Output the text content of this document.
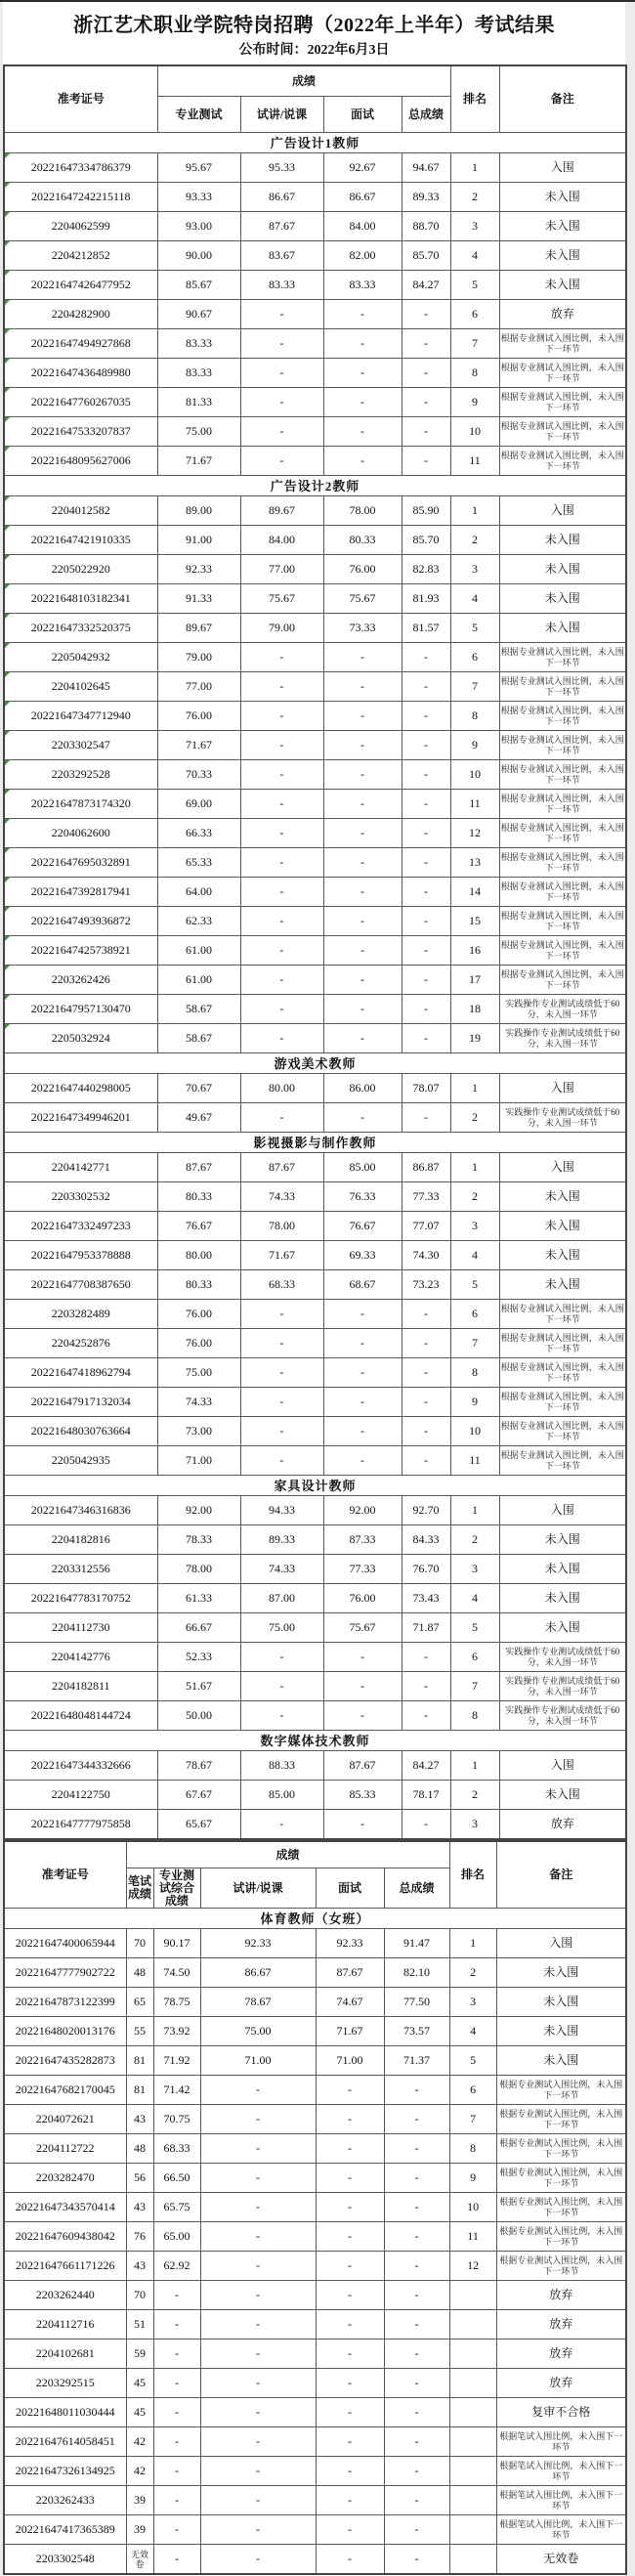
浙江艺术职业学院特岗招聘（2022年上半年）考试结果
公布时间：2022年6月3日
准考证号	成绩				排名	备注
	专业测试	试讲/说课	面试	总成绩		
广告设计1教师						
20221647334786379	95.67	95.33	92.67	94.67	1	入围
20221647242215118	93.33	86.67	86.67	89.33	2	未入围
2204062599	93.00	87.67	84.00	88.70	3	未入围
2204212852	90.00	83.67	82.00	85.70	4	未入围
20221647426477952	85.67	83.33	83.33	84.27	5	未入围
2204282900	90.67	-	-	-	6	放弃
20221647494927868	83.33	-	-	-	7	根据专业测试入围比例，未入围下一环节
20221647436489980	83.33	-	-	-	8	根据专业测试入围比例，未入围下一环节
20221647760267035	81.33	-	-	-	9	根据专业测试入围比例，未入围下一环节
20221647533207837	75.00	-	-	-	10	根据专业测试入围比例，未入围下一环节
20221648095627006	71.67	-	-	-	11	根据专业测试入围比例，未入围下一环节
广告设计2教师						
2204012582	89.00	89.67	78.00	85.90	1	入围
20221647421910335	91.00	84.00	80.33	85.70	2	未入围
2205022920	92.33	77.00	76.00	82.83	3	未入围
20221648103182341	91.33	75.67	75.67	81.93	4	未入围
20221647332520375	89.67	79.00	73.33	81.57	5	未入围
2205042932	79.00	-	-	-	6	根据专业测试入围比例，未入围下一环节
2204102645	77.00	-	-	-	7	根据专业测试入围比例，未入围下一环节
20221647347712940	76.00	-	-	-	8	根据专业测试入围比例，未入围下一环节
2203302547	71.67	-	-	-	9	根据专业测试入围比例，未入围下一环节
2203292528	70.33	-	-	-	10	根据专业测试入围比例，未入围下一环节
20221647873174320	69.00	-	-	-	11	根据专业测试入围比例，未入围下一环节
2204062600	66.33	-	-	-	12	根据专业测试入围比例，未入围下一环节
20221647695032891	65.33	-	-	-	13	根据专业测试入围比例，未入围下一环节
20221647392817941	64.00	-	-	-	14	根据专业测试入围比例，未入围下一环节
20221647493936872	62.33	-	-	-	15	根据专业测试入围比例，未入围下一环节
20221647425738921	61.00	-	-	-	16	根据专业测试入围比例，未入围下一环节
2203262426	61.00	-	-	-	17	根据专业测试入围比例，未入围下一环节
20221647957130470	58.67	-	-	-	18	实践操作专业测试成绩低于60分，未入围一环节
2205032924	58.67	-	-	-	19	实践操作专业测试成绩低于60分，未入围一环节
游戏美术教师						
20221647440298005	70.67	80.00	86.00	78.07	1	入围
20221647349946201	49.67	-	-	-	2	实践操作专业测试成绩低于60分，未入围一环节
影视摄影与制作教师						
2204142771	87.67	87.67	85.00	86.87	1	入围
2203302532	80.33	74.33	76.33	77.33	2	未入围
20221647332497233	76.67	78.00	76.67	77.07	3	未入围
20221647953378888	80.00	71.67	69.33	74.30	4	未入围
20221647708387650	80.33	68.33	68.67	73.23	5	未入围
2203282489	76.00	-	-	-	6	根据专业测试入围比例，未入围下一环节
2204252876	76.00	-	-	-	7	根据专业测试入围比例，未入围下一环节
20221647418962794	75.00	-	-	-	8	根据专业测试入围比例，未入围下一环节
20221647917132034	74.33	-	-	-	9	根据专业测试入围比例，未入围下一环节
20221648030763664	73.00	-	-	-	10	根据专业测试入围比例，未入围下一环节
2205042935	71.00	-	-	-	11	根据专业测试入围比例，未入围下一环节
家具设计教师						
20221647346316836	92.00	94.33	92.00	92.70	1	入围
2204182816	78.33	89.33	87.33	84.33	2	未入围
2203312556	78.00	74.33	77.33	76.70	3	未入围
20221647783170752	61.33	87.00	76.00	73.43	4	未入围
2204112730	66.67	75.00	75.67	71.87	5	未入围
2204142776	52.33	-	-	-	6	实践操作专业测试成绩低于60分，未入围一环节
2204182811	51.67	-	-	-	7	实践操作专业测试成绩低于60分，未入围一环节
20221648048144724	50.00	-	-	-	8	实践操作专业测试成绩低于60分，未入围一环节
数字媒体技术教师						
20221647344332666	78.67	88.33	87.67	84.27	1	入围
2204122750	67.67	85.00	85.33	78.17	2	未入围
20221647777975858	65.67	-	-	-	3	放弃
体育教师（女班）							
准考证号	成绩					排名	备注
	笔试成绩	专业测试综合成绩	试讲/说课	面试	总成绩		
20221647400065944	70	90.17	92.33	92.33	91.47	1	入围
20221647777902722	48	74.50	86.67	87.67	82.10	2	未入围
20221647873122399	65	78.75	78.67	74.67	77.50	3	未入围
20221648020013176	55	73.92	75.00	71.67	73.57	4	未入围
20221647435282873	81	71.92	71.00	71.00	71.37	5	未入围
20221647682170045	81	71.42	-	-	-	6	根据专业测试入围比例，未入围下一环节
2204072621	43	70.75	-	-	-	7	根据专业测试入围比例，未入围下一环节
2204112722	48	68.33	-	-	-	8	根据专业测试入围比例，未入围下一环节
2203282470	56	66.50	-	-	-	9	根据专业测试入围比例，未入围下一环节
20221647343570414	43	65.75	-	-	-	10	根据专业测试入围比例，未入围下一环节
20221647609438042	76	65.00	-	-	-	11	根据专业测试入围比例，未入围下一环节
20221647661171226	43	62.92	-	-	-	12	根据专业测试入围比例，未入围下一环节
2203262440	70	-	-	-	-		放弃
2204112716	51	-	-	-	-		放弃
2204102681	59	-	-	-	-		放弃
2203292515	45	-	-	-	-		放弃
20221648011030444	45	-	-	-	-		复审不合格
20221647614058451	42	-	-	-	-		根据笔试入围比例，未入围下一环节
20221647326134925	42	-	-	-	-		根据笔试入围比例，未入围下一环节
2203262433	39	-	-	-	-		根据笔试入围比例，未入围下一环节
20221647417365389	39	-	-	-	-		根据笔试入围比例，未入围下一环节
2203302548	无效卷	-	-	-	-		无效卷
